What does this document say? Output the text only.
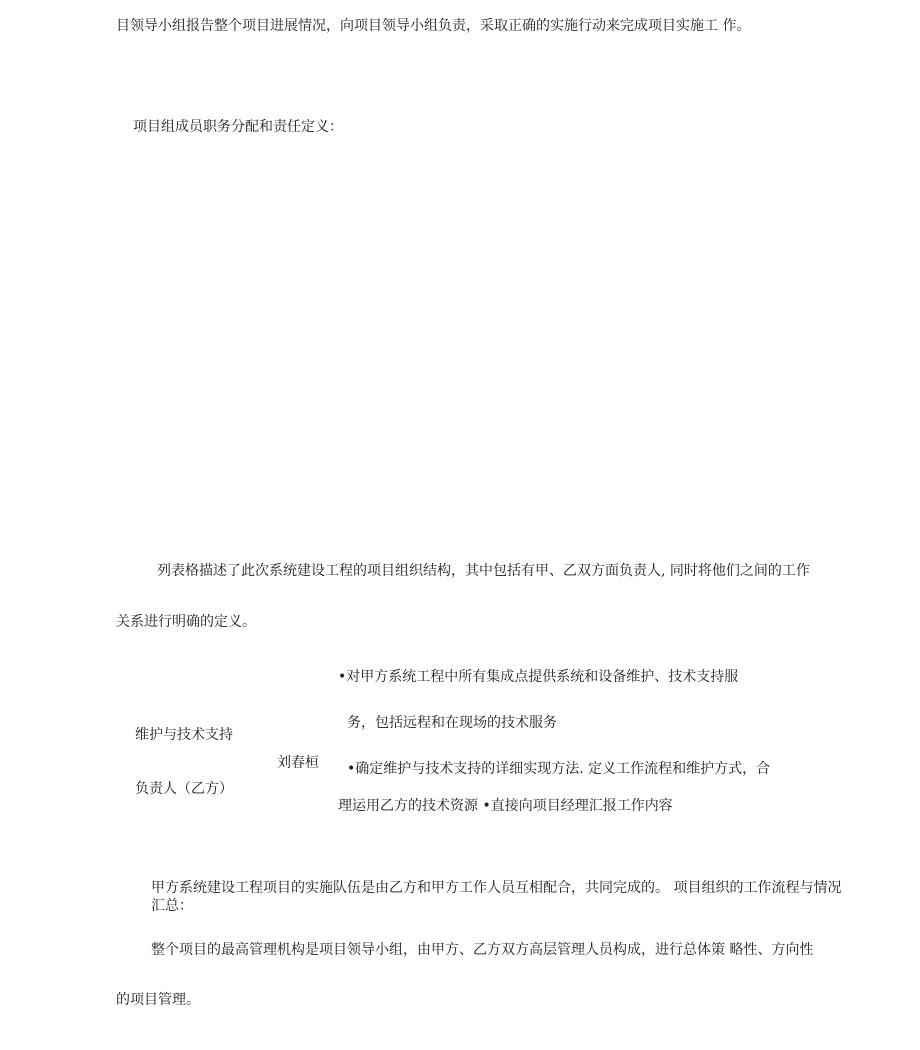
目领导小组报告整个项目进展情况，向项目领导小组负责，采取正确的实施行动来完成项目实施工 作。
项目组成员职务分配和责任定义：
列表格描述了此次系统建设工程的项目组织结构，其中包括有甲、乙双方面负责人, 同时将他们之间的工作
关系进行明确的定义。
维护与技术支持
负责人（乙方）
刘春桓
•对甲方系统工程中所有集成点提供系统和设备维护、技术支持服
务，包括远程和在现场的技术服务
•确定维护与技术支持的详细实现方法. 定义工作流程和维护方式，合
理运用乙方的技术资源 •直接向项目经理汇报工作内容
甲方系统建设工程项目的实施队伍是由乙方和甲方工作人员互相配合，共同完成的。 项目组织的工作流程与情况汇总：
整个项目的最高管理机构是项目领导小组，由甲方、乙方双方高层管理人员构成，进行总体策 略性、方向性
的项目管理。
